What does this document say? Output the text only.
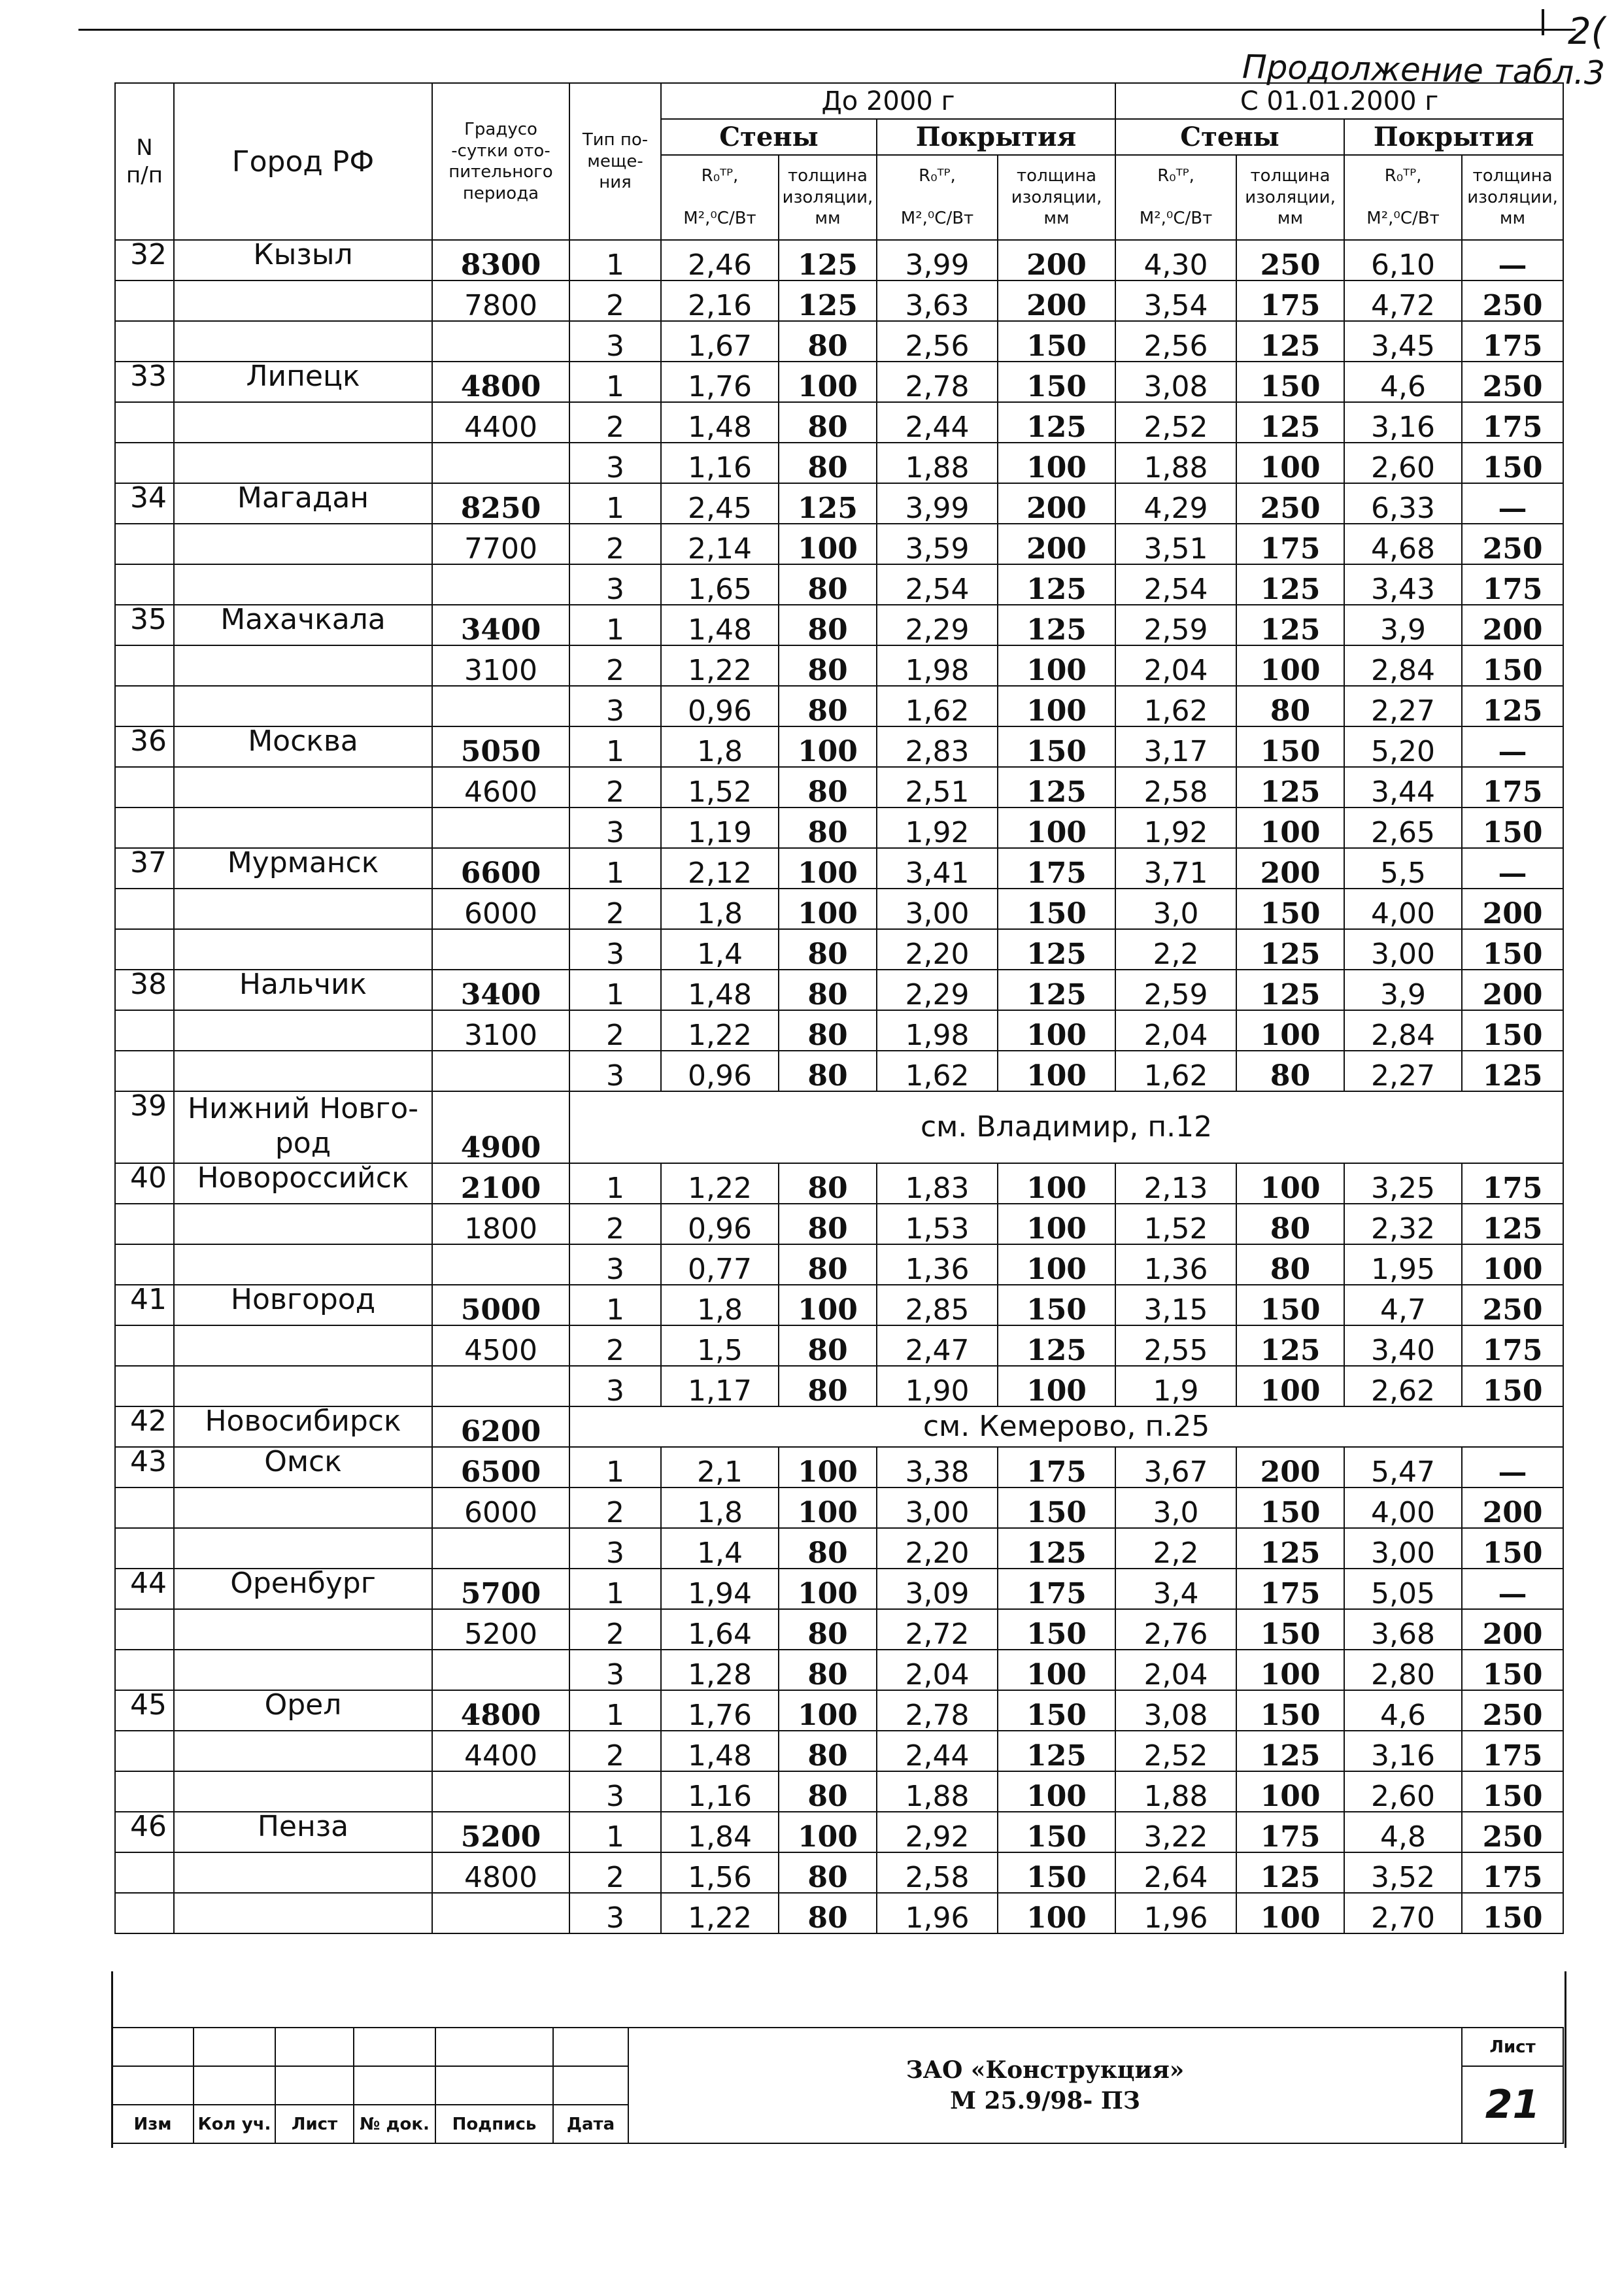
2(
Продолжение табл.3
N
п/п	Город РФ	Градусо
-сутки ото-
пительного
периода	Тип по-
меще-
ния	До 2000 г				С 01.01.2000 г			
				Стены		Покрытия		Стены		Покрытия	
				R₀ᵀᴾ,

М²,⁰С/Вт	толщина
изоляции,
мм	R₀ᵀᴾ,

М²,⁰С/Вт	толщина
изоляции,
мм	R₀ᵀᴾ,

М²,⁰С/Вт	толщина
изоляции,
мм	R₀ᵀᴾ,

М²,⁰С/Вт	толщина
изоляции,
мм
32	Кызыл	8300	1	2,46	125	3,99	200	4,30	250	6,10	—
		7800	2	2,16	125	3,63	200	3,54	175	4,72	250
			3	1,67	80	2,56	150	2,56	125	3,45	175
33	Липецк	4800	1	1,76	100	2,78	150	3,08	150	4,6	250
		4400	2	1,48	80	2,44	125	2,52	125	3,16	175
			3	1,16	80	1,88	100	1,88	100	2,60	150
34	Магадан	8250	1	2,45	125	3,99	200	4,29	250	6,33	—
		7700	2	2,14	100	3,59	200	3,51	175	4,68	250
			3	1,65	80	2,54	125	2,54	125	3,43	175
35	Махачкала	3400	1	1,48	80	2,29	125	2,59	125	3,9	200
		3100	2	1,22	80	1,98	100	2,04	100	2,84	150
			3	0,96	80	1,62	100	1,62	80	2,27	125
36	Москва	5050	1	1,8	100	2,83	150	3,17	150	5,20	—
		4600	2	1,52	80	2,51	125	2,58	125	3,44	175
			3	1,19	80	1,92	100	1,92	100	2,65	150
37	Мурманск	6600	1	2,12	100	3,41	175	3,71	200	5,5	—
		6000	2	1,8	100	3,00	150	3,0	150	4,00	200
			3	1,4	80	2,20	125	2,2	125	3,00	150
38	Нальчик	3400	1	1,48	80	2,29	125	2,59	125	3,9	200
		3100	2	1,22	80	1,98	100	2,04	100	2,84	150
			3	0,96	80	1,62	100	1,62	80	2,27	125
39	Нижний Новго-
род	4900	см. Владимир, п.12								
40	Новороссийск	2100	1	1,22	80	1,83	100	2,13	100	3,25	175
		1800	2	0,96	80	1,53	100	1,52	80	2,32	125
			3	0,77	80	1,36	100	1,36	80	1,95	100
41	Новгород	5000	1	1,8	100	2,85	150	3,15	150	4,7	250
		4500	2	1,5	80	2,47	125	2,55	125	3,40	175
			3	1,17	80	1,90	100	1,9	100	2,62	150
42	Новосибирск	6200	см. Кемерово, п.25								
43	Омск	6500	1	2,1	100	3,38	175	3,67	200	5,47	—
		6000	2	1,8	100	3,00	150	3,0	150	4,00	200
			3	1,4	80	2,20	125	2,2	125	3,00	150
44	Оренбург	5700	1	1,94	100	3,09	175	3,4	175	5,05	—
		5200	2	1,64	80	2,72	150	2,76	150	3,68	200
			3	1,28	80	2,04	100	2,04	100	2,80	150
45	Орел	4800	1	1,76	100	2,78	150	3,08	150	4,6	250
		4400	2	1,48	80	2,44	125	2,52	125	3,16	175
			3	1,16	80	1,88	100	1,88	100	2,60	150
46	Пенза	5200	1	1,84	100	2,92	150	3,22	175	4,8	250
		4800	2	1,56	80	2,58	150	2,64	125	3,52	175
			3	1,22	80	1,96	100	1,96	100	2,70	150

						ЗАО «Конструкция»
М 25.9/98- ПЗ	Лист
							21
Изм	Кол уч.	Лист	№ док.	Подпись	Дата		
